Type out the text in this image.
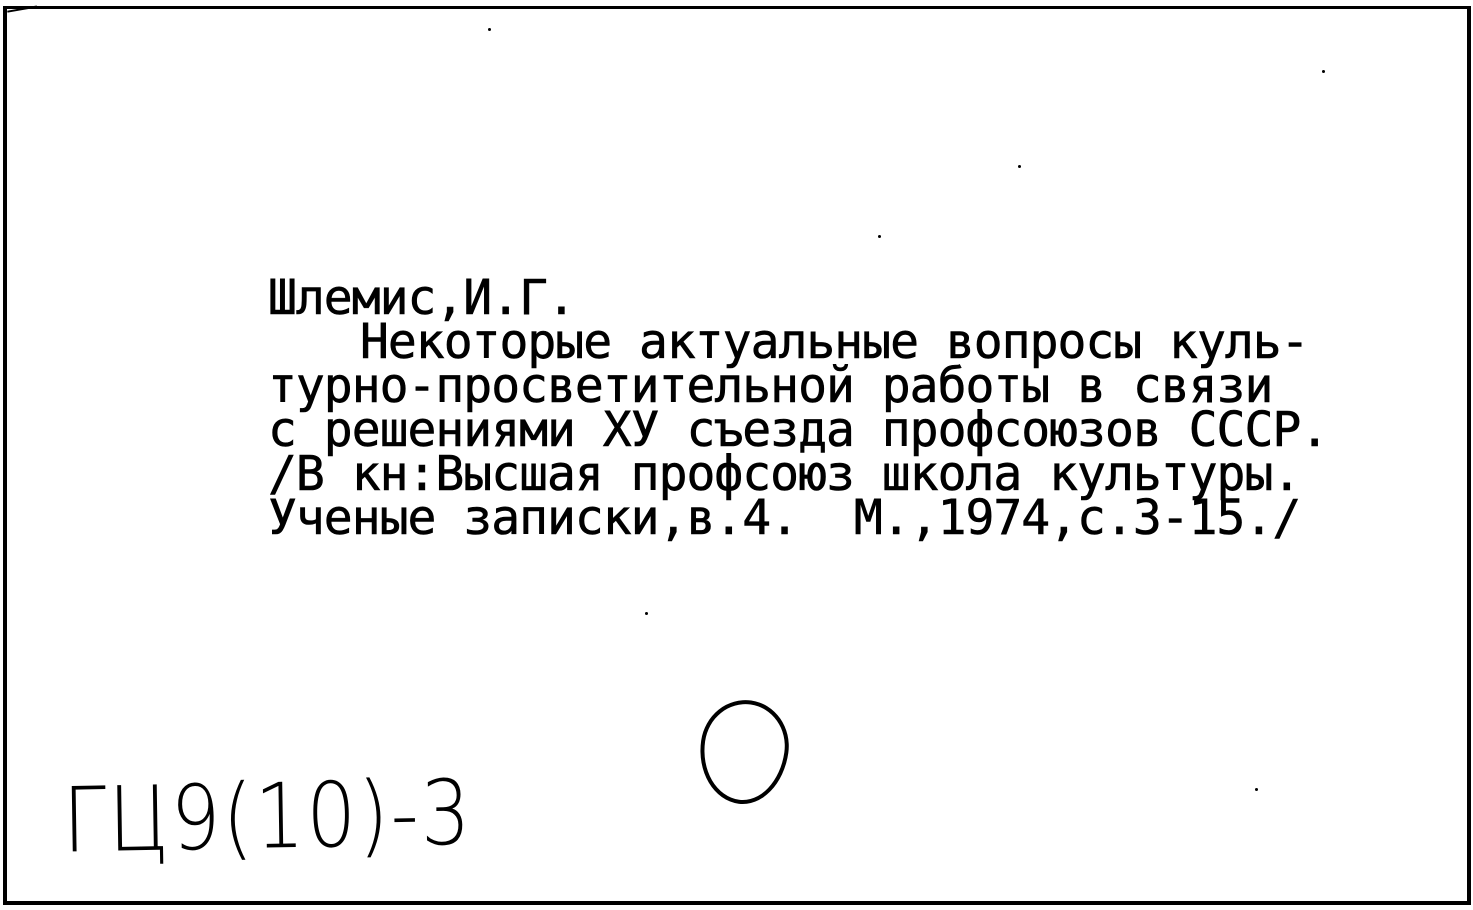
Шлемис,И.Г.
Некоторые актуальные вопросы куль-
турно-просветительной работы в связи
с решениями ХУ съезда профсоюзов СССР.
/В кн:Высшая профсоюз школа культуры.
Ученые записки,в.4.  М.,1974,с.3-15./
ГЦ9(10)-3
